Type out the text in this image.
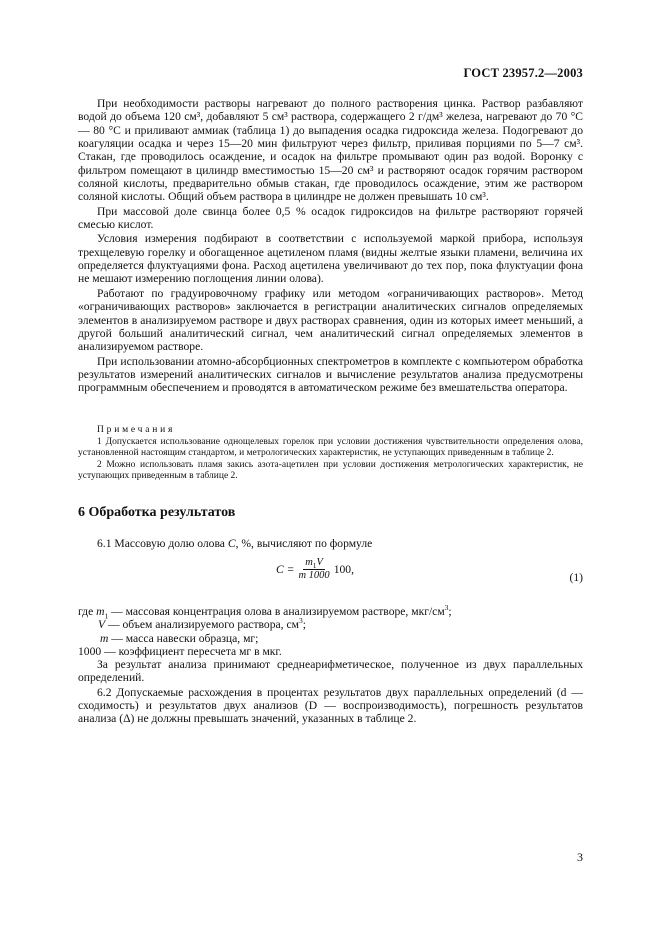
ГОСТ 23957.2—2003

При необходимости растворы нагревают до полного растворения цинка. Раствор разбавляют водой до объема 120 см³, добавляют 5 см³ раствора, содержащего 2 г/дм³ железа, нагревают до 70 °С — 80 °С и приливают аммиак (таблица 1) до выпадения осадка гидроксида железа. Подогревают до коагуляции осадка и через 15—20 мин фильтруют через фильтр, приливая порциями по 5—7 см³. Стакан, где проводилось осаждение, и осадок на фильтре промывают один раз водой. Воронку с фильтром помещают в цилиндр вместимостью 15—20 см³ и растворяют осадок горячим раствором соляной кислоты, предварительно обмыв стакан, где проводилось осаждение, этим же раствором соляной кислоты. Общий объем раствора в цилиндре не должен превышать 10 см³.

При массовой доле свинца более 0,5 % осадок гидроксидов на фильтре растворяют горячей смесью кислот.

Условия измерения подбирают в соответствии с используемой маркой прибора, используя трехщелевую горелку и обогащенное ацетиленом пламя (видны желтые языки пламени, величина их определяется флуктуациями фона. Расход ацетилена увеличивают до тех пор, пока флуктуации фона не мешают измерению поглощения линии олова).

Работают по градуировочному графику или методом «ограничивающих растворов». Метод «ограничивающих растворов» заключается в регистрации аналитических сигналов определяемых элементов в анализируемом растворе и двух растворах сравнения, один из которых имеет меньший, а другой больший аналитический сигнал, чем аналитический сигнал определяемых элементов в анализируемом растворе.

При использовании атомно-абсорбционных спектрометров в комплекте с компьютером обработка результатов измерений аналитических сигналов и вычисление результатов анализа предусмотрены программным обеспечением и проводятся в автоматическом режиме без вмешательства оператора.

Примечания

1 Допускается использование однощелевых горелок при условии достижения чувствительности определения олова, установленной настоящим стандартом, и метрологических характеристик, не уступающих приведенным в таблице 2.

2 Можно использовать пламя закись азота-ацетилен при условии достижения метрологических характеристик, не уступающих приведенным в таблице 2.

6 Обработка результатов
6.1 Массовую долю олова С, %, вычисляют по формуле
$С = \frac{m_1V}{m 1000} 100$,
(1)
где $m_1$ — массовая концентрация олова в анализируемом растворе, мкг/$см^3$;
V — объем анализируемого раствора, $см^3$;
m — масса навески образца, мг;
1000 — коэффициент пересчета мг в мкг.

За результат анализа принимают среднеарифметическое, полученное из двух параллельных определений.

6.2 Допускаемые расхождения в процентах результатов двух параллельных определений (d — сходимость) и результатов двух анализов (D — воспроизводимость), погрешность результатов анализа (Δ) не должны превышать значений, указанных в таблице 2.

3
